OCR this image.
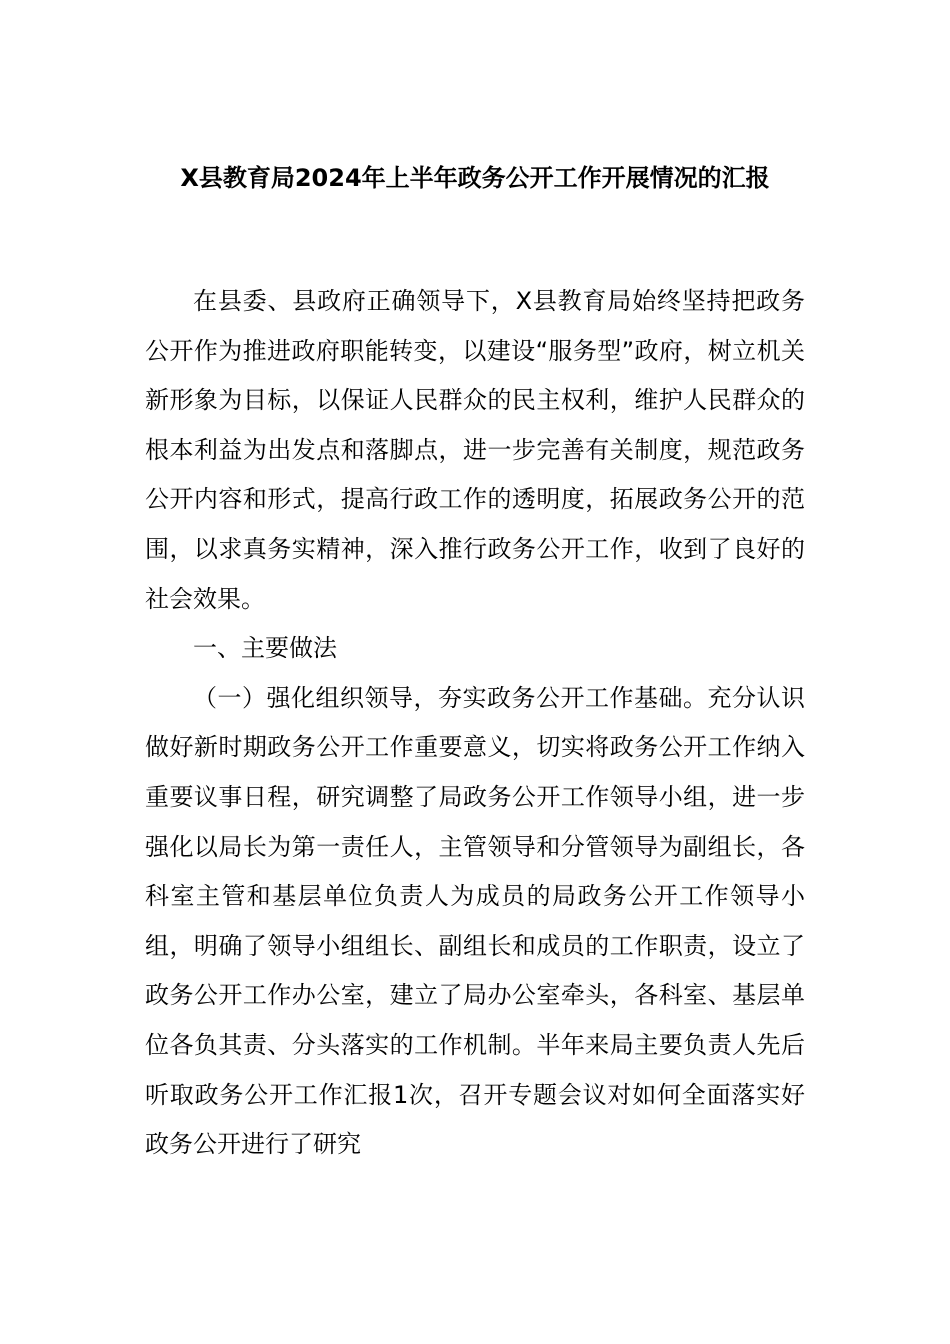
X县教育局2024年上半年政务公开工作开展情况的汇报

在县委、县政府正确领导下，X县教育局始终坚持把政务公开作为推进政府职能转变，以建设“服务型”政府，树立机关新形象为目标，以保证人民群众的民主权利，维护人民群众的根本利益为出发点和落脚点，进一步完善有关制度，规范政务公开内容和形式，提高行政工作的透明度，拓展政务公开的范围，以求真务实精神，深入推行政务公开工作，收到了良好的社会效果。

一、主要做法

（一）强化组织领导，夯实政务公开工作基础。充分认识做好新时期政务公开工作重要意义，切实将政务公开工作纳入重要议事日程，研究调整了局政务公开工作领导小组，进一步强化以局长为第一责任人，主管领导和分管领导为副组长，各科室主管和基层单位负责人为成员的局政务公开工作领导小组，明确了领导小组组长、副组长和成员的工作职责，设立了政务公开工作办公室，建立了局办公室牵头，各科室、基层单位各负其责、分头落实的工作机制。半年来局主要负责人先后听取政务公开工作汇报1次，召开专题会议对如何全面落实好政务公开进行了研究
